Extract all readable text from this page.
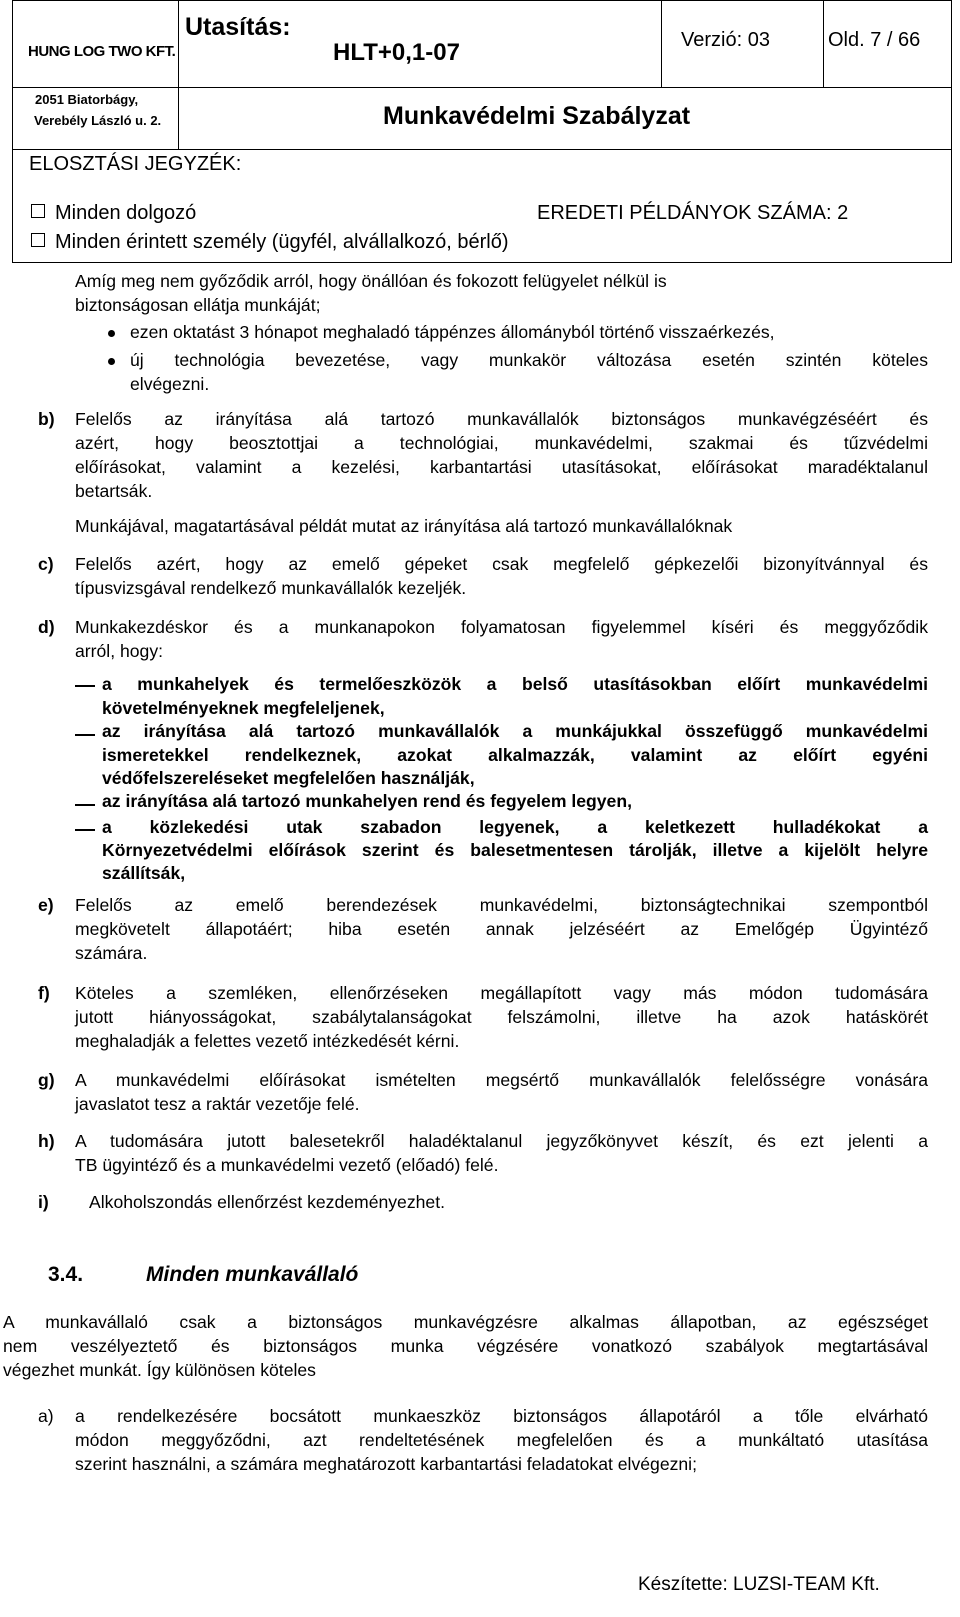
HUNG LOG TWO KFT.
Utasítás:
HLT+0,1-07	Verzió: 03	Old. 7 / 66
2051 Biatorbágy,
Verebély László u. 2.	Munkavédelmi Szabályzat
ELOSZTÁSI JEGYZÉK:
Minden dolgozó	EREDETI PÉLDÁNYOK SZÁMA: 2
Minden érintett személy (ügyfél, alvállalkozó, bérlő)
Amíg meg nem győződik arról, hogy önállóan és fokozott felügyelet nélkül is
biztonságosan ellátja munkáját;
ezen oktatást 3 hónapot meghaladó táppénzes állományból történő visszaérkezés,
új technológia bevezetése, vagy munkakör változása esetén szintén köteles
elvégezni.
b) Felelős az irányítása alá tartozó munkavállalók biztonságos munkavégzéséért és
azért, hogy beosztottjai a technológiai, munkavédelmi, szakmai és tűzvédelmi
előírásokat, valamint a kezelési, karbantartási utasításokat, előírásokat maradéktalanul
betartsák.
Munkájával, magatartásával példát mutat az irányítása alá tartozó munkavállalóknak
c) Felelős azért, hogy az emelő gépeket csak megfelelő gépkezelői bizonyítvánnyal és
típusvizsgával rendelkező munkavállalók kezeljék.
d) Munkakezdéskor és a munkanapokon folyamatosan figyelemmel kíséri és meggyőződik
arról, hogy:
a munkahelyek és termelőeszközök a belső utasításokban előírt munkavédelmi
követelményeknek megfeleljenek,
az irányítása alá tartozó munkavállalók a munkájukkal összefüggő munkavédelmi
ismeretekkel rendelkeznek, azokat alkalmazzák, valamint az előírt egyéni
védőfelszereléseket megfelelően használják,
az irányítása alá tartozó munkahelyen rend és fegyelem legyen,
a közlekedési utak szabadon legyenek, a keletkezett hulladékokat a
Környezetvédelmi előírások szerint és balesetmentesen tárolják, illetve a kijelölt helyre
szállítsák,
e) Felelős az emelő berendezések munkavédelmi, biztonságtechnikai szempontból
megkövetelt állapotáért; hiba esetén annak jelzéséért az Emelőgép Ügyintéző
számára.
f) Köteles a szemléken, ellenőrzéseken megállapított vagy más módon tudomására
jutott hiányosságokat, szabálytalanságokat felszámolni, illetve ha azok hatáskörét
meghaladják a felettes vezető intézkedését kérni.
g) A munkavédelmi előírásokat ismételten megsértő munkavállalók felelősségre vonására
javaslatot tesz a raktár vezetője felé.
h) A tudomására jutott balesetekről haladéktalanul jegyzőkönyvet készít, és ezt jelenti a
TB ügyintéző és a munkavédelmi vezető (előadó) felé.
i) Alkoholszondás ellenőrzést kezdeményezhet.
3.4.	Minden munkavállaló
A munkavállaló csak a biztonságos munkavégzésre alkalmas állapotban, az egészséget
nem veszélyeztető és biztonságos munka végzésére vonatkozó szabályok megtartásával
végezhet munkát. Így különösen köteles
a) a rendelkezésére bocsátott munkaeszköz biztonságos állapotáról a tőle elvárható
módon meggyőződni, azt rendeltetésének megfelelően és a munkáltató utasítása
szerint használni, a számára meghatározott karbantartási feladatokat elvégezni;
Készítette: LUZSI-TEAM Kft.
